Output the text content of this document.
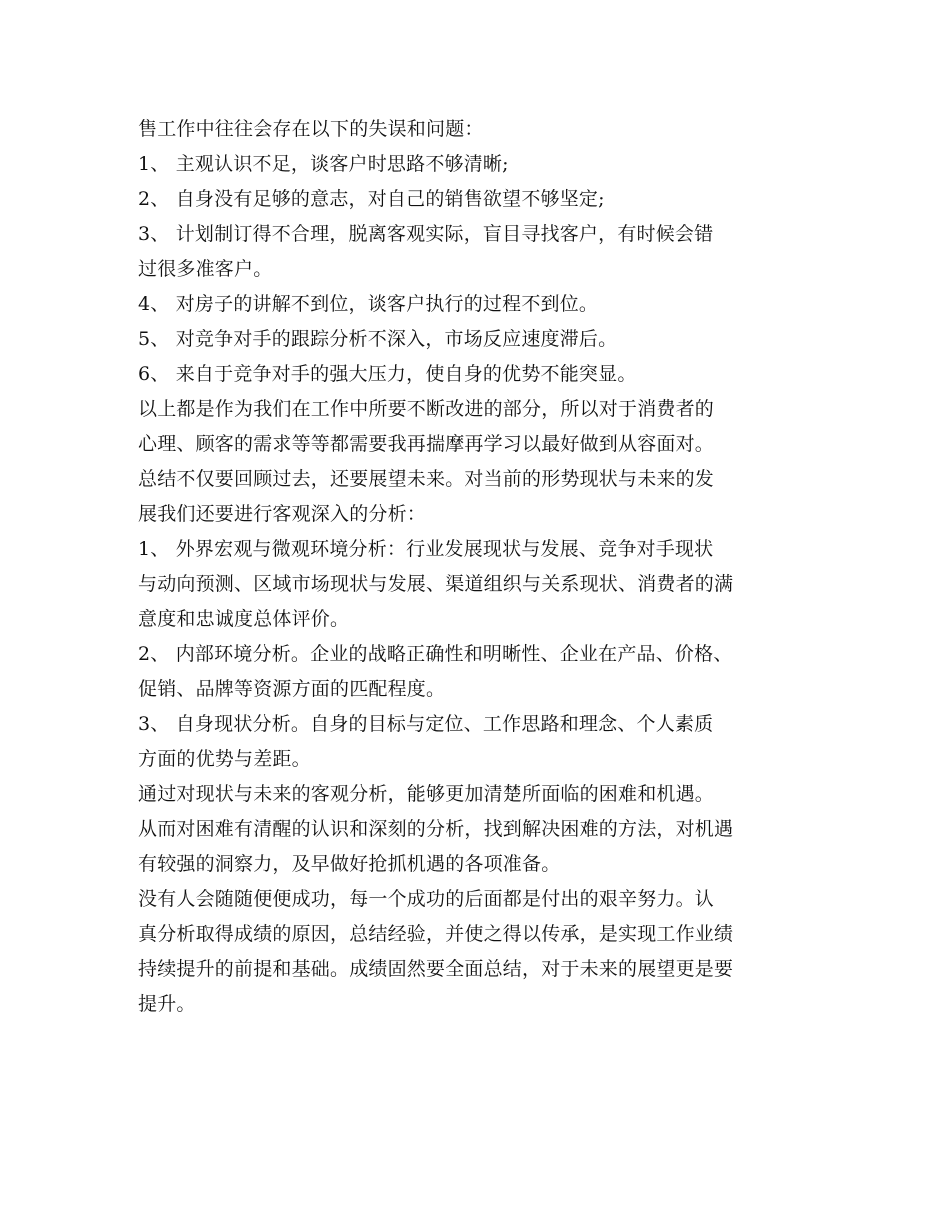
售工作中往往会存在以下的失误和问题：
1、 主观认识不足，谈客户时思路不够清晰;
2、 自身没有足够的意志，对自己的销售欲望不够坚定;
3、 计划制订得不合理，脱离客观实际，盲目寻找客户，有时候会错
过很多准客户。
4、 对房子的讲解不到位，谈客户执行的过程不到位。
5、 对竞争对手的跟踪分析不深入，市场反应速度滞后。
6、 来自于竞争对手的强大压力，使自身的优势不能突显。
以上都是作为我们在工作中所要不断改进的部分，所以对于消费者的
心理、顾客的需求等等都需要我再揣摩再学习以最好做到从容面对。
总结不仅要回顾过去，还要展望未来。对当前的形势现状与未来的发
展我们还要进行客观深入的分析：
1、 外界宏观与微观环境分析：行业发展现状与发展、竞争对手现状
与动向预测、区域市场现状与发展、渠道组织与关系现状、消费者的满
意度和忠诚度总体评价。
2、 内部环境分析。企业的战略正确性和明晰性、企业在产品、价格、
促销、品牌等资源方面的匹配程度。
3、 自身现状分析。自身的目标与定位、工作思路和理念、个人素质
方面的优势与差距。
通过对现状与未来的客观分析，能够更加清楚所面临的困难和机遇。
从而对困难有清醒的认识和深刻的分析，找到解决困难的方法，对机遇
有较强的洞察力，及早做好抢抓机遇的各项准备。
没有人会随随便便成功，每一个成功的后面都是付出的艰辛努力。认
真分析取得成绩的原因，总结经验，并使之得以传承，是实现工作业绩
持续提升的前提和基础。成绩固然要全面总结，对于未来的展望更是要
提升。
